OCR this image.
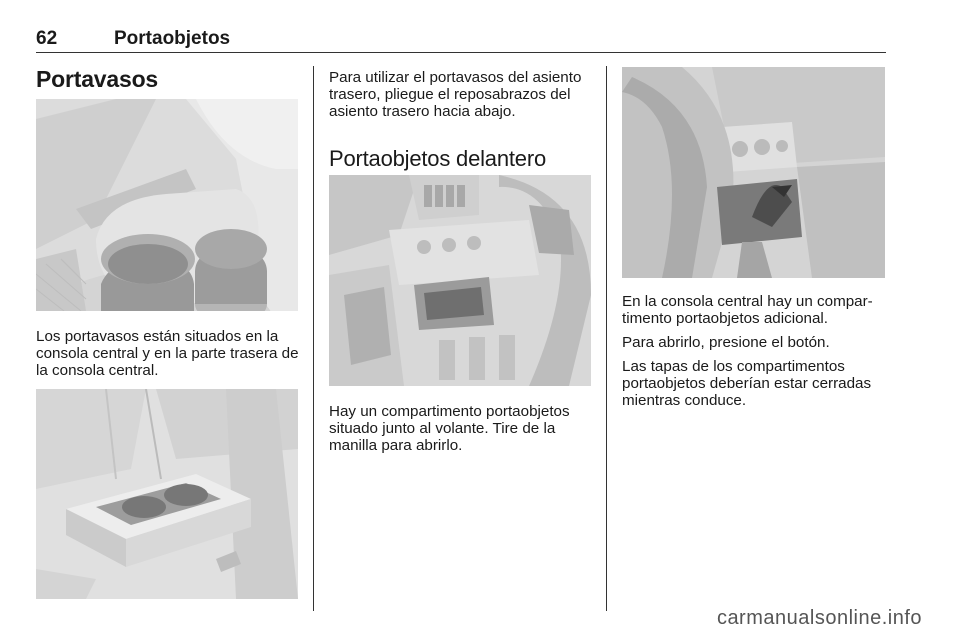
62	Portaobjetos
Portavasos
Los portavasos están situados en la consola central y en la parte trasera de la consola central.
Para utilizar el portavasos del asiento trasero, pliegue el reposabrazos del asiento trasero hacia abajo.
Portaobjetos delantero
Hay un compartimento portaobjetos situado junto al volante. Tire de la manilla para abrirlo.
En la consola central hay un compar-timento portaobjetos adicional.
Para abrirlo, presione el botón.
Las tapas de los compartimentos portaobjetos deberían estar cerradas mientras conduce.
carmanualsonline.info
